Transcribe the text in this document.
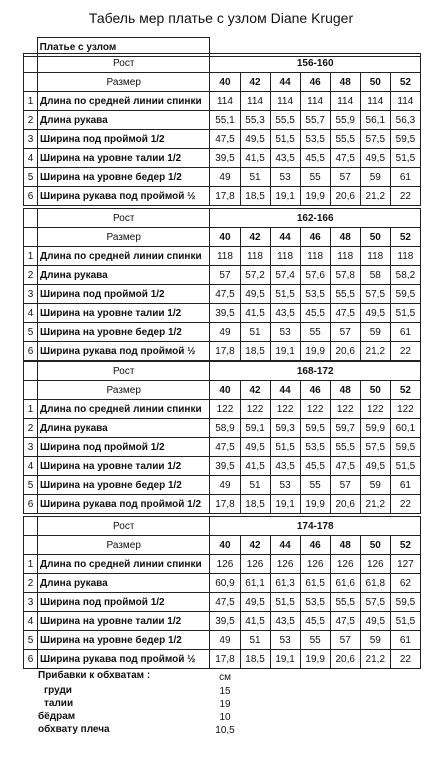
Табель мер платье с узлом Diane Kruger
	Платье с узлом	
	Рост	156-160						
	Размер	40	42	44	46	48	50	52
1	Длина по средней линии спинки	114	114	114	114	114	114	114
2	Длина рукава	55,1	55,3	55,5	55,7	55,9	56,1	56,3
3	Ширина под проймой 1/2	47,5	49,5	51,5	53,5	55,5	57,5	59,5
4	Ширина на уровне талии 1/2	39,5	41,5	43,5	45,5	47,5	49,5	51,5
5	Ширина на уровне бедер 1/2	49	51	53	55	57	59	61
6	Ширина рукава под проймой ½	17,8	18,5	19,1	19,9	20,6	21,2	22
	Рост	162-166						
	Размер	40	42	44	46	48	50	52
1	Длина по средней линии спинки	118	118	118	118	118	118	118
2	Длина рукава	57	57,2	57,4	57,6	57,8	58	58,2
3	Ширина под проймой 1/2	47,5	49,5	51,5	53,5	55,5	57,5	59,5
4	Ширина на уровне талии 1/2	39,5	41,5	43,5	45,5	47,5	49,5	51,5
5	Ширина на уровне бедер 1/2	49	51	53	55	57	59	61
6	Ширина рукава под проймой ½	17,8	18,5	19,1	19,9	20,6	21,2	22
	Рост	168-172						
	Размер	40	42	44	46	48	50	52
1	Длина по средней линии спинки	122	122	122	122	122	122	122
2	Длина рукава	58,9	59,1	59,3	59,5	59,7	59,9	60,1
3	Ширина под проймой 1/2	47,5	49,5	51,5	53,5	55,5	57,5	59,5
4	Ширина на уровне талии 1/2	39,5	41,5	43,5	45,5	47,5	49,5	51,5
5	Ширина на уровне бедер 1/2	49	51	53	55	57	59	61
6	Ширина рукава под проймой 1/2	17,8	18,5	19,1	19,9	20,6	21,2	22
	Рост	174-178						
	Размер	40	42	44	46	48	50	52
1	Длина по средней линии спинки	126	126	126	126	126	126	127
2	Длина рукава	60,9	61,1	61,3	61,5	61,6	61,8	62
3	Ширина под проймой 1/2	47,5	49,5	51,5	53,5	55,5	57,5	59,5
4	Ширина на уровне талии 1/2	39,5	41,5	43,5	45,5	47,5	49,5	51,5
5	Ширина на уровне бедер 1/2	49	51	53	55	57	59	61
6	Ширина рукава под проймой ½	17,8	18,5	19,1	19,9	20,6	21,2	22
Прибавки к обхватам :	см
груди	15
талии	19
бёдрам	10
обхвату плеча	10,5
